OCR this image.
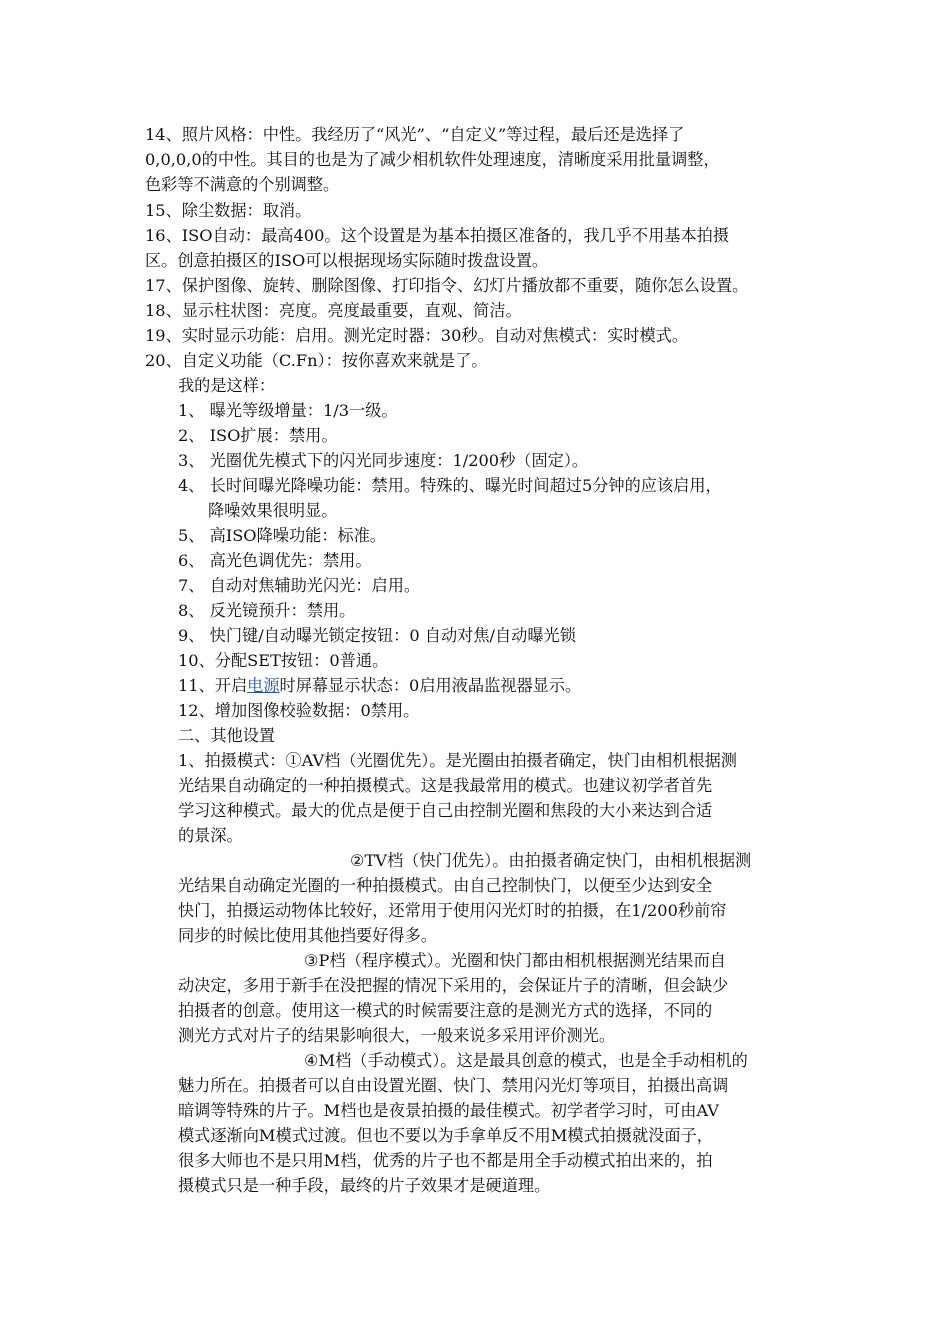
14、照片风格：中性。我经历了“风光”、“自定义”等过程，最后还是选择了
0,0,0,0的中性。其目的也是为了减少相机软件处理速度，清晰度采用批量调整，
色彩等不满意的个别调整。
15、除尘数据：取消。
16、ISO自动：最高400。这个设置是为基本拍摄区准备的，我几乎不用基本拍摄
区。创意拍摄区的ISO可以根据现场实际随时拨盘设置。
17、保护图像、旋转、删除图像、打印指令、幻灯片播放都不重要，随你怎么设置。
18、显示柱状图：亮度。亮度最重要，直观、简洁。
19、实时显示功能：启用。测光定时器：30秒。自动对焦模式：实时模式。
20、自定义功能（C.Fn）：按你喜欢来就是了。
我的是这样：
1、 曝光等级增量：1/3一级。
2、 ISO扩展：禁用。
3、 光圈优先模式下的闪光同步速度：1/200秒（固定）。
4、 长时间曝光降噪功能：禁用。特殊的、曝光时间超过5分钟的应该启用，
降噪效果很明显。
5、 高ISO降噪功能：标准。
6、 高光色调优先：禁用。
7、 自动对焦辅助光闪光：启用。
8、 反光镜预升：禁用。
9、 快门键/自动曝光锁定按钮：0 自动对焦/自动曝光锁
10、分配SET按钮：0普通。
11、开启电源时屏幕显示状态：0启用液晶监视器显示。
12、增加图像校验数据：0禁用。
二、其他设置
1、拍摄模式：①AV档（光圈优先）。是光圈由拍摄者确定，快门由相机根据测
光结果自动确定的一种拍摄模式。这是我最常用的模式。也建议初学者首先
学习这种模式。最大的优点是便于自己由控制光圈和焦段的大小来达到合适
的景深。
②TV档（快门优先）。由拍摄者确定快门，由相机根据测
光结果自动确定光圈的一种拍摄模式。由自己控制快门，以便至少达到安全
快门，拍摄运动物体比较好，还常用于使用闪光灯时的拍摄，在1/200秒前帘
同步的时候比使用其他挡要好得多。
③P档（程序模式）。光圈和快门都由相机根据测光结果而自
动决定，多用于新手在没把握的情况下采用的，会保证片子的清晰，但会缺少
拍摄者的创意。使用这一模式的时候需要注意的是测光方式的选择，不同的
测光方式对片子的结果影响很大，一般来说多采用评价测光。
④M档（手动模式）。这是最具创意的模式，也是全手动相机的
魅力所在。拍摄者可以自由设置光圈、快门、禁用闪光灯等项目，拍摄出高调
暗调等特殊的片子。M档也是夜景拍摄的最佳模式。初学者学习时，可由AV
模式逐渐向M模式过渡。但也不要以为手拿单反不用M模式拍摄就没面子，
很多大师也不是只用M档，优秀的片子也不都是用全手动模式拍出来的，拍
摄模式只是一种手段，最终的片子效果才是硬道理。
